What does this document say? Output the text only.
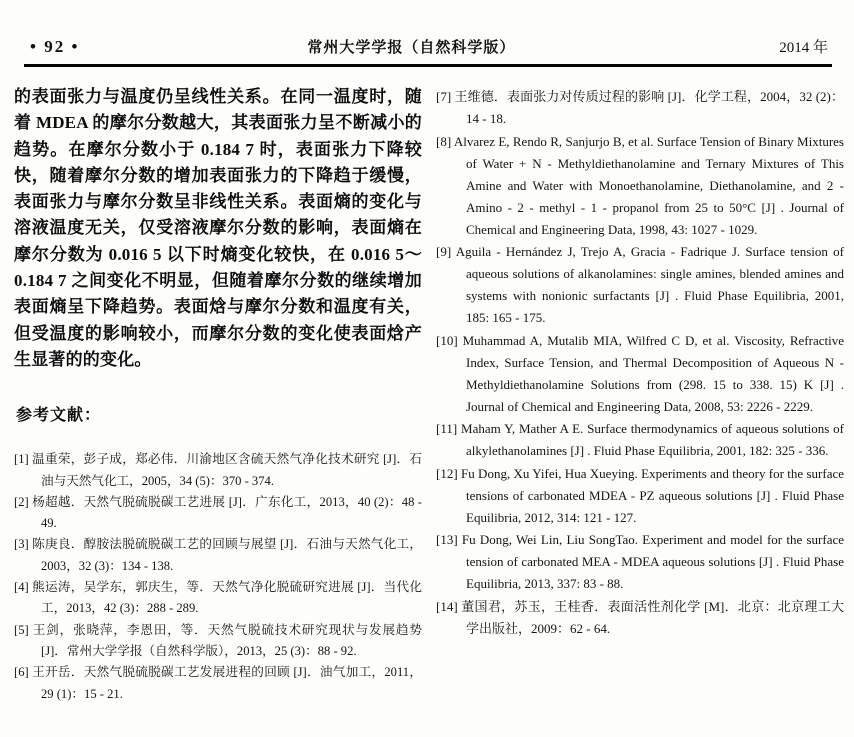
• 92 •	常州大学学报（自然科学版）	2014 年

的表面张力与温度仍呈线性关系。在同一温度时，随着 MDEA 的摩尔分数越大，其表面张力呈不断减小的趋势。在摩尔分数小于 0.184 7 时，表面张力下降较快，随着摩尔分数的增加表面张力的下降趋于缓慢，表面张力与摩尔分数呈非线性关系。表面熵的变化与溶液温度无关，仅受溶液摩尔分数的影响，表面熵在摩尔分数为 0.016 5 以下时熵变化较快，在 0.016 5～0.184 7 之间变化不明显，但随着摩尔分数的继续增加表面熵呈下降趋势。表面焓与摩尔分数和温度有关，但受温度的影响较小，而摩尔分数的变化使表面焓产生显著的的变化。

参考文献：

[1] 温重荣，彭子成，郑必伟．川渝地区含硫天然气净化技术研究 [J]．石油与天然气化工，2005，34 (5)：370 - 374.

[2] 杨超越．天然气脱硫脱碳工艺进展 [J]．广东化工，2013，40 (2)：48 - 49.

[3] 陈庚良．醇胺法脱硫脱碳工艺的回顾与展望 [J]．石油与天然气化工，2003，32 (3)：134 - 138.

[4] 熊运涛，吴学东，郭庆生，等．天然气净化脱硫研究进展 [J]．当代化工，2013，42 (3)：288 - 289.

[5] 王剑，张晓萍，李恩田，等．天然气脱硫技术研究现状与发展趋势 [J]．常州大学学报（自然科学版），2013，25 (3)：88 - 92.

[6] 王开岳．天然气脱硫脱碳工艺发展进程的回顾 [J]．油气加工，2011，29 (1)：15 - 21.

[7] 王维德．表面张力对传质过程的影响 [J]．化学工程，2004，32 (2)：14 - 18.

[8] Alvarez E, Rendo R, Sanjurjo B, et al. Surface Tension of Binary Mixtures of Water + N - Methyldiethanolamine and Ternary Mixtures of This Amine and Water with Monoethanolamine, Diethanolamine, and 2 - Amino - 2 - methyl - 1 - propanol from 25 to 50°C [J] . Journal of Chemical and Engineering Data, 1998, 43: 1027 - 1029.

[9] Aguila - Hernández J, Trejo A, Gracia - Fadrique J. Surface tension of aqueous solutions of alkanolamines: single amines, blended amines and systems with nonionic surfactants [J] . Fluid Phase Equilibria, 2001, 185: 165 - 175.

[10] Muhammad A, Mutalib MIA, Wilfred C D, et al. Viscosity, Refractive Index, Surface Tension, and Thermal Decomposition of Aqueous N - Methyldiethanolamine Solutions from (298. 15 to 338. 15) K [J] . Journal of Chemical and Engineering Data, 2008, 53: 2226 - 2229.

[11] Maham Y, Mather A E. Surface thermodynamics of aqueous solutions of alkylethanolamines [J] . Fluid Phase Equilibria, 2001, 182: 325 - 336.

[12] Fu Dong, Xu Yifei, Hua Xueying. Experiments and theory for the surface tensions of carbonated MDEA - PZ aqueous solutions [J] . Fluid Phase Equilibria, 2012, 314: 121 - 127.

[13] Fu Dong, Wei Lin, Liu SongTao. Experiment and model for the surface tension of carbonated MEA - MDEA aqueous solutions [J] . Fluid Phase Equilibria, 2013, 337: 83 - 88.

[14] 董国君，苏玉，王桂香．表面活性剂化学 [M]．北京：北京理工大学出版社，2009：62 - 64.
